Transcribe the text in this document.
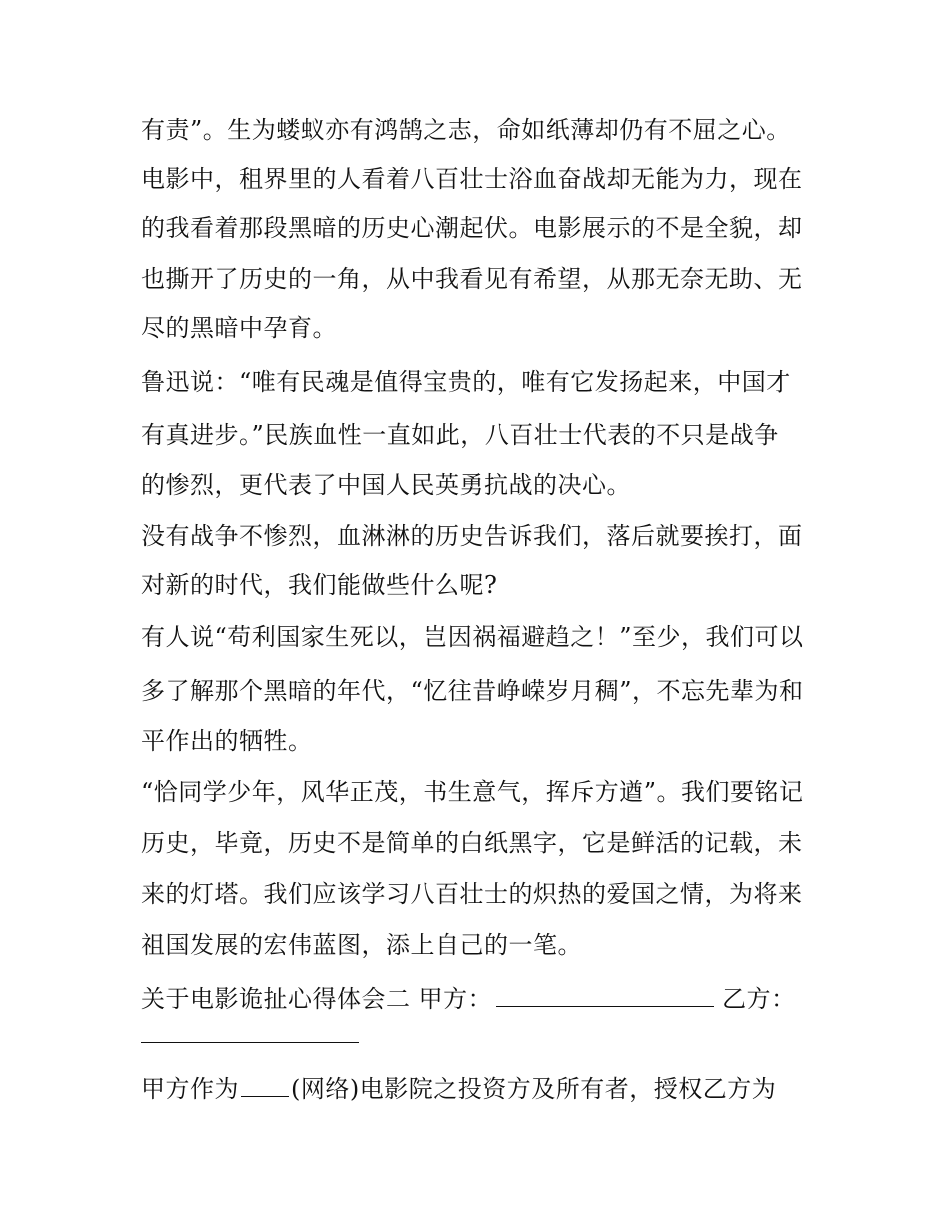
有责”。生为蝼蚁亦有鸿鹄之志，命如纸薄却仍有不屈之心。
电影中，租界里的人看着八百壮士浴血奋战却无能为力，现在
的我看着那段黑暗的历史心潮起伏。电影展示的不是全貌，却
也撕开了历史的一角，从中我看见有希望，从那无奈无助、无
尽的黑暗中孕育。
鲁迅说：“唯有民魂是值得宝贵的，唯有它发扬起来，中国才
有真进步。”民族血性一直如此，八百壮士代表的不只是战争
的惨烈，更代表了中国人民英勇抗战的决心。
没有战争不惨烈，血淋淋的历史告诉我们，落后就要挨打，面
对新的时代，我们能做些什么呢?
有人说“苟利国家生死以，岂因祸福避趋之！”至少，我们可以
多了解那个黑暗的年代，“忆往昔峥嵘岁月稠”，不忘先辈为和
平作出的牺牲。
“恰同学少年，风华正茂，书生意气，挥斥方遒”。我们要铭记
历史，毕竟，历史不是简单的白纸黑字，它是鲜活的记载，未
来的灯塔。我们应该学习八百壮士的炽热的爱国之情，为将来
祖国发展的宏伟蓝图，添上自己的一笔。
关于电影诡扯心得体会二 甲方：	乙方：
甲方作为 (网络)电影院之投资方及所有者，授权乙方为
